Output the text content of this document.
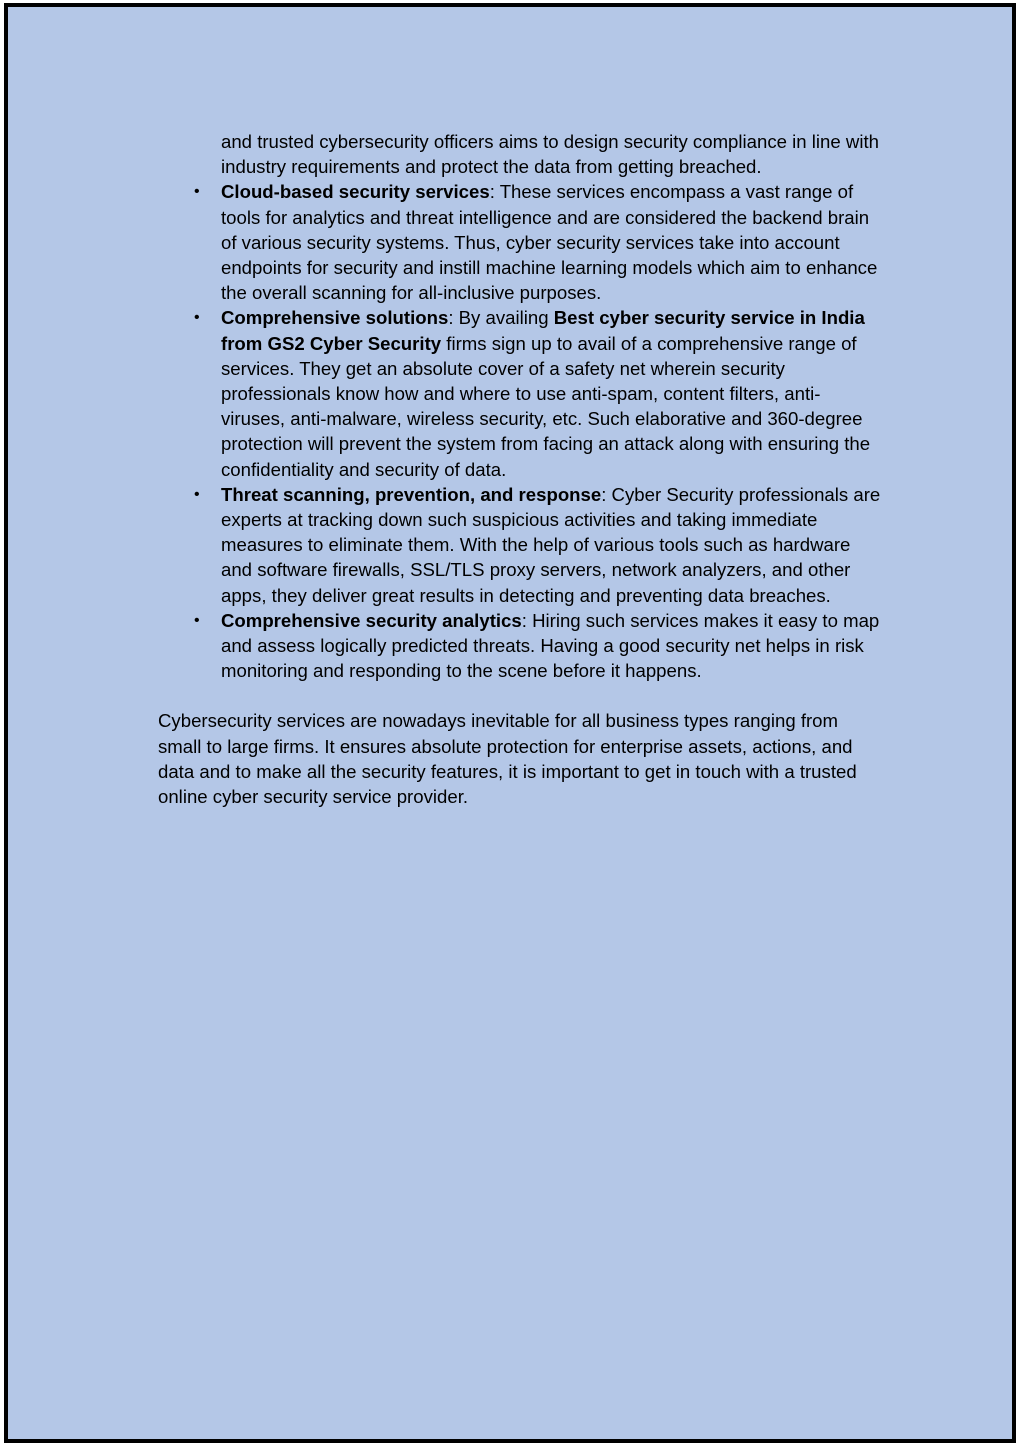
and trusted cybersecurity officers aims to design security compliance in line with industry requirements and protect the data from getting breached.

• Cloud-based security services: These services encompass a vast range of tools for analytics and threat intelligence and are considered the backend brain of various security systems. Thus, cyber security services take into account endpoints for security and instill machine learning models which aim to enhance the overall scanning for all-inclusive purposes.
• Comprehensive solutions: By availing Best cyber security service in India from GS2 Cyber Security firms sign up to avail of a comprehensive range of services. They get an absolute cover of a safety net wherein security professionals know how and where to use anti-spam, content filters, anti-viruses, anti-malware, wireless security, etc. Such elaborative and 360-degree protection will prevent the system from facing an attack along with ensuring the confidentiality and security of data.
• Threat scanning, prevention, and response: Cyber Security professionals are experts at tracking down such suspicious activities and taking immediate measures to eliminate them. With the help of various tools such as hardware and software firewalls, SSL/TLS proxy servers, network analyzers, and other apps, they deliver great results in detecting and preventing data breaches.
• Comprehensive security analytics: Hiring such services makes it easy to map and assess logically predicted threats. Having a good security net helps in risk monitoring and responding to the scene before it happens.

Cybersecurity services are nowadays inevitable for all business types ranging from small to large firms. It ensures absolute protection for enterprise assets, actions, and data and to make all the security features, it is important to get in touch with a trusted online cyber security service provider.
